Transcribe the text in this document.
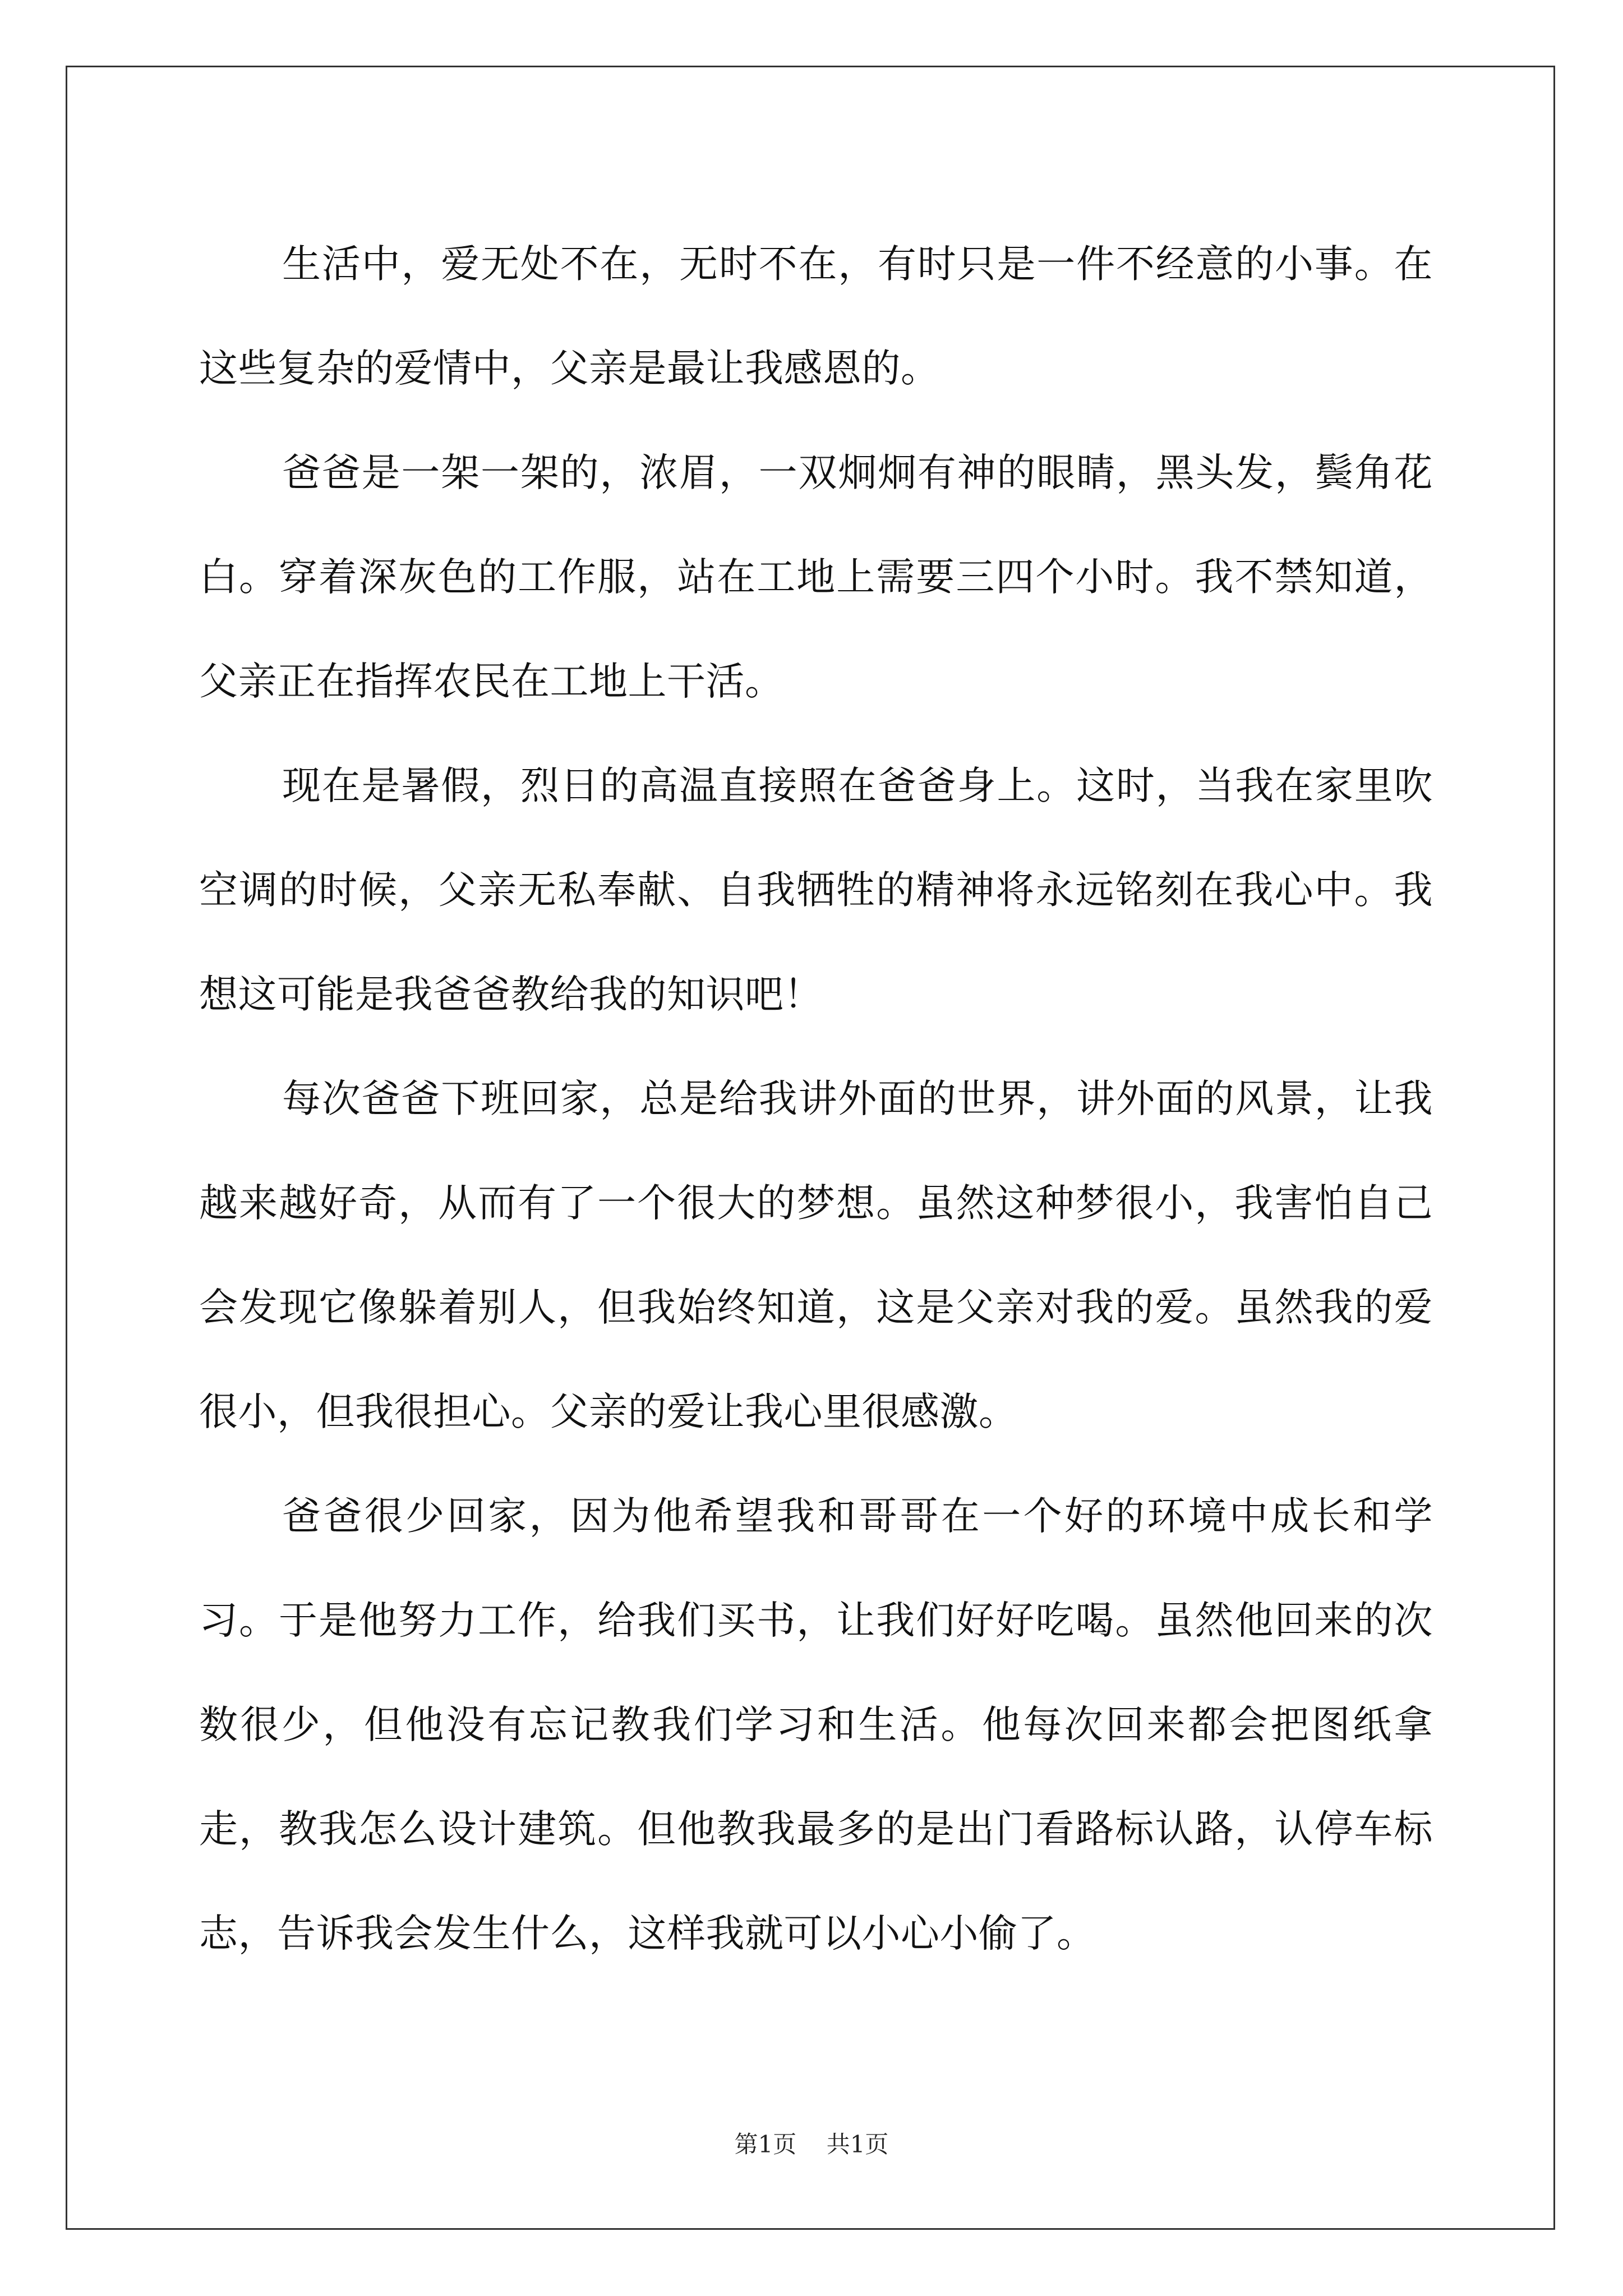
生活中，爱无处不在，无时不在，有时只是一件不经意的小事。在这些复杂的爱情中，父亲是最让我感恩的。

爸爸是一架一架的，浓眉，一双炯炯有神的眼睛，黑头发，鬓角花白。穿着深灰色的工作服，站在工地上需要三四个小时。我不禁知道，父亲正在指挥农民在工地上干活。

现在是暑假，烈日的高温直接照在爸爸身上。这时，当我在家里吹空调的时候，父亲无私奉献、自我牺牲的精神将永远铭刻在我心中。我想这可能是我爸爸教给我的知识吧！

每次爸爸下班回家，总是给我讲外面的世界，讲外面的风景，让我越来越好奇，从而有了一个很大的梦想。虽然这种梦很小，我害怕自己会发现它像躲着别人，但我始终知道，这是父亲对我的爱。虽然我的爱很小，但我很担心。父亲的爱让我心里很感激。

爸爸很少回家，因为他希望我和哥哥在一个好的环境中成长和学习。于是他努力工作，给我们买书，让我们好好吃喝。虽然他回来的次数很少，但他没有忘记教我们学习和生活。他每次回来都会把图纸拿走，教我怎么设计建筑。但他教我最多的是出门看路标认路，认停车标志，告诉我会发生什么，这样我就可以小心小偷了。

第1页 共1页
